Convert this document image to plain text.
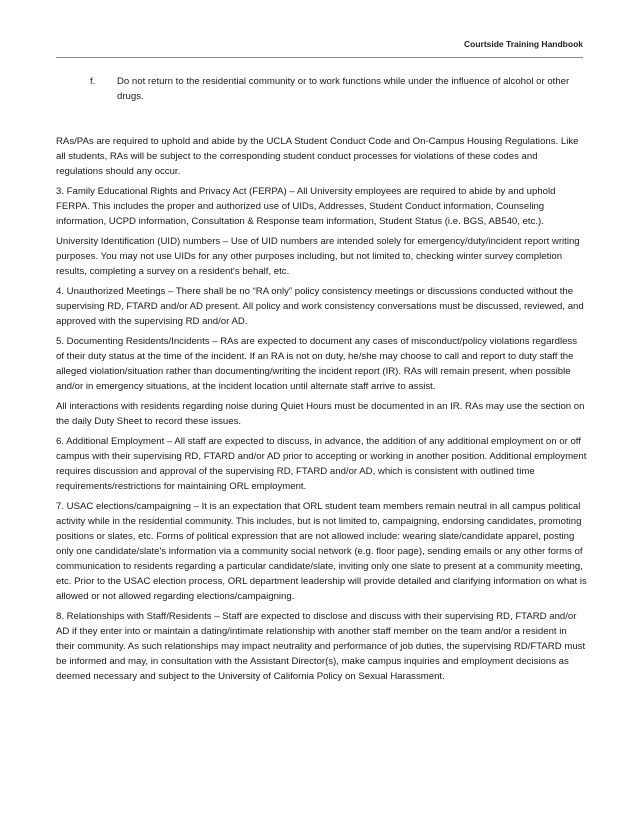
Courtside Training Handbook
f. Do not return to the residential community or to work functions while under the influence of alcohol or other drugs.

RAs/PAs are required to uphold and abide by the UCLA Student Conduct Code and On-Campus Housing Regulations. Like all students, RAs will be subject to the corresponding student conduct processes for violations of these codes and regulations should any occur.

3. Family Educational Rights and Privacy Act (FERPA) – All University employees are required to abide by and uphold FERPA. This includes the proper and authorized use of UIDs, Addresses, Student Conduct information, Counseling information, UCPD information, Consultation & Response team information, Student Status (i.e. BGS, AB540, etc.).

University Identification (UID) numbers – Use of UID numbers are intended solely for emergency/duty/incident report writing purposes. You may not use UIDs for any other purposes including, but not limited to, checking winter survey completion results, completing a survey on a resident's behalf, etc.

4. Unauthorized Meetings – There shall be no “RA only” policy consistency meetings or discussions conducted without the supervising RD, FTARD and/or AD present. All policy and work consistency conversations must be discussed, reviewed, and approved with the supervising RD and/or AD.

5. Documenting Residents/Incidents – RAs are expected to document any cases of misconduct/policy violations regardless of their duty status at the time of the incident. If an RA is not on duty, he/she may choose to call and report to duty staff the alleged violation/situation rather than documenting/writing the incident report (IR). RAs will remain present, when possible and/or in emergency situations, at the incident location until alternate staff arrive to assist.

All interactions with residents regarding noise during Quiet Hours must be documented in an IR. RAs may use the section on the daily Duty Sheet to record these issues.

6. Additional Employment – All staff are expected to discuss, in advance, the addition of any additional employment on or off campus with their supervising RD, FTARD and/or AD prior to accepting or working in another position. Additional employment requires discussion and approval of the supervising RD, FTARD and/or AD, which is consistent with outlined time requirements/restrictions for maintaining ORL employment.

7. USAC elections/campaigning – It is an expectation that ORL student team members remain neutral in all campus political activity while in the residential community. This includes, but is not limited to, campaigning, endorsing candidates, promoting positions or slates, etc. Forms of political expression that are not allowed include: wearing slate/candidate apparel, posting only one candidate/slate's information via a community social network (e.g. floor page), sending emails or any other forms of communication to residents regarding a particular candidate/slate, inviting only one slate to present at a community meeting, etc. Prior to the USAC election process, ORL department leadership will provide detailed and clarifying information on what is allowed or not allowed regarding elections/campaigning.

8. Relationships with Staff/Residents – Staff are expected to disclose and discuss with their supervising RD, FTARD and/or AD if they enter into or maintain a dating/intimate relationship with another staff member on the team and/or a resident in their community. As such relationships may impact neutrality and performance of job duties, the supervising RD/FTARD must be informed and may, in consultation with the Assistant Director(s), make campus inquiries and employment decisions as deemed necessary and subject to the University of California Policy on Sexual Harassment.
